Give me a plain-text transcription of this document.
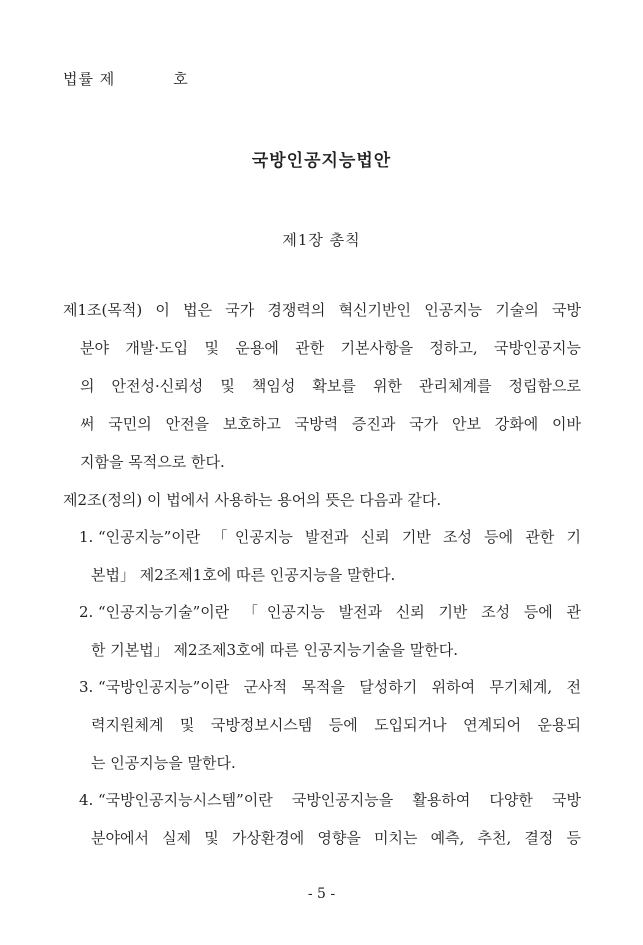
법률 제	호
국방인공지능법안
제1장 총칙
제1조(목적) 이 법은 국가 경쟁력의 혁신기반인 인공지능 기술의 국방
분야 개발·도입 및 운용에 관한 기본사항을 정하고, 국방인공지능
의 안전성·신뢰성 및 책임성 확보를 위한 관리체계를 정립함으로
써 국민의 안전을 보호하고 국방력 증진과 국가 안보 강화에 이바
지함을 목적으로 한다.
제2조(정의) 이 법에서 사용하는 용어의 뜻은 다음과 같다.
1. “인공지능”이란 「인공지능 발전과 신뢰 기반 조성 등에 관한 기
본법」 제2조제1호에 따른 인공지능을 말한다.
2. “인공지능기술”이란 「인공지능 발전과 신뢰 기반 조성 등에 관
한 기본법」 제2조제3호에 따른 인공지능기술을 말한다.
3. “국방인공지능”이란 군사적 목적을 달성하기 위하여 무기체계, 전
력지원체계 및 국방정보시스템 등에 도입되거나 연계되어 운용되
는 인공지능을 말한다.
4. “국방인공지능시스템”이란 국방인공지능을 활용하여 다양한 국방
분야에서 실제 및 가상환경에 영향을 미치는 예측, 추천, 결정 등
- 5 -
